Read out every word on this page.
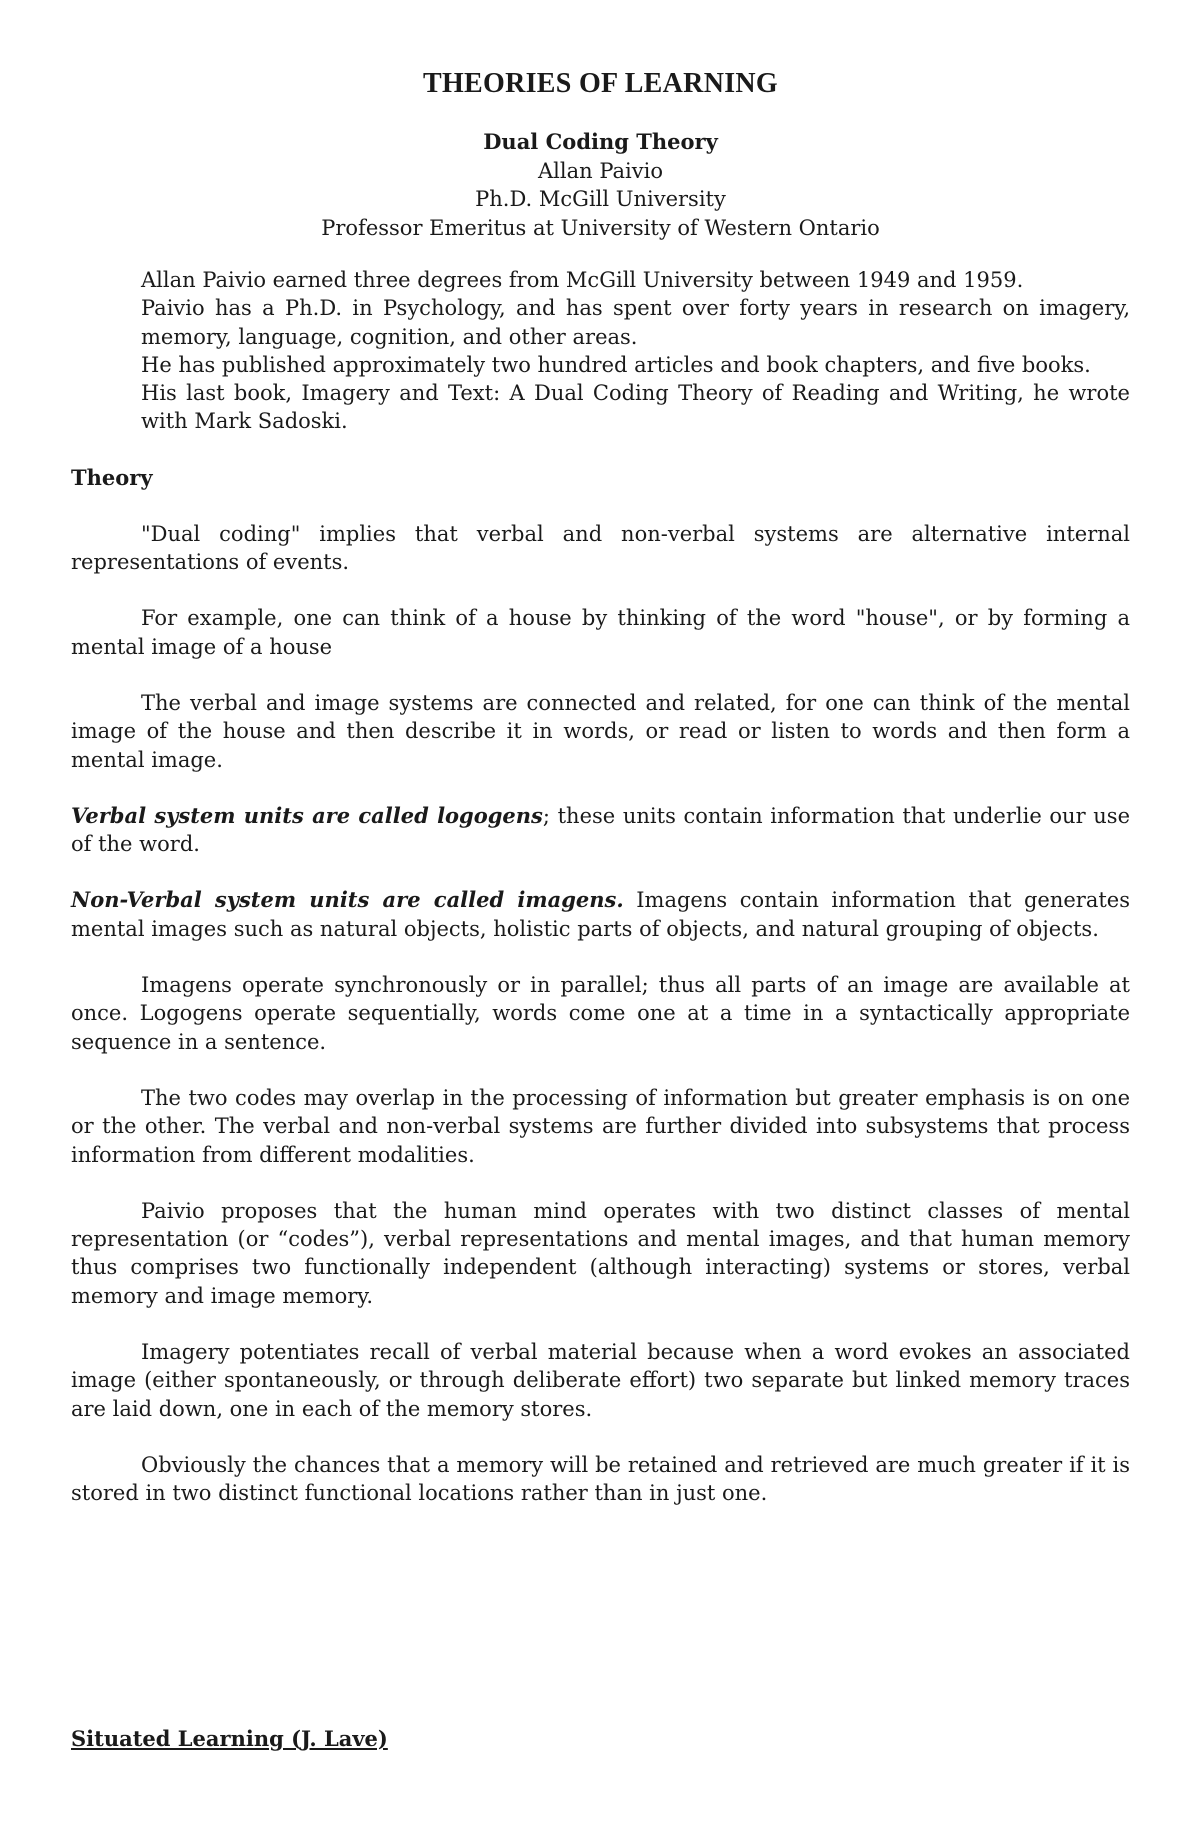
THEORIES OF LEARNING
Dual Coding Theory
Allan Paivio
Ph.D. McGill University
Professor Emeritus at University of Western Ontario

Allan Paivio earned three degrees from McGill University between 1949 and 1959.

Paivio has a Ph.D. in Psychology, and has spent over forty years in research on imagery, memory, language, cognition, and other areas.

He has published approximately two hundred articles and book chapters, and five books.

His last book, Imagery and Text: A Dual Coding Theory of Reading and Writing, he wrote with Mark Sadoski.

Theory

"Dual coding" implies that verbal and non-verbal systems are alternative internal representations of events.

For example, one can think of a house by thinking of the word "house", or by forming a mental image of a house

The verbal and image systems are connected and related, for one can think of the mental image of the house and then describe it in words, or read or listen to words and then form a mental image.

Verbal system units are called logogens; these units contain information that underlie our use of the word.

Non-Verbal system units are called imagens. Imagens contain information that generates mental images such as natural objects, holistic parts of objects, and natural grouping of objects.

Imagens operate synchronously or in parallel; thus all parts of an image are available at once. Logogens operate sequentially, words come one at a time in a syntactically appropriate sequence in a sentence.

The two codes may overlap in the processing of information but greater emphasis is on one or the other. The verbal and non-verbal systems are further divided into subsystems that process information from different modalities.

Paivio proposes that the human mind operates with two distinct classes of mental representation (or “codes”), verbal representations and mental images, and that human memory thus comprises two functionally independent (although interacting) systems or stores, verbal memory and image memory.

Imagery potentiates recall of verbal material because when a word evokes an associated image (either spontaneously, or through deliberate effort) two separate but linked memory traces are laid down, one in each of the memory stores.

Obviously the chances that a memory will be retained and retrieved are much greater if it is stored in two distinct functional locations rather than in just one.

Situated Learning (J. Lave)
